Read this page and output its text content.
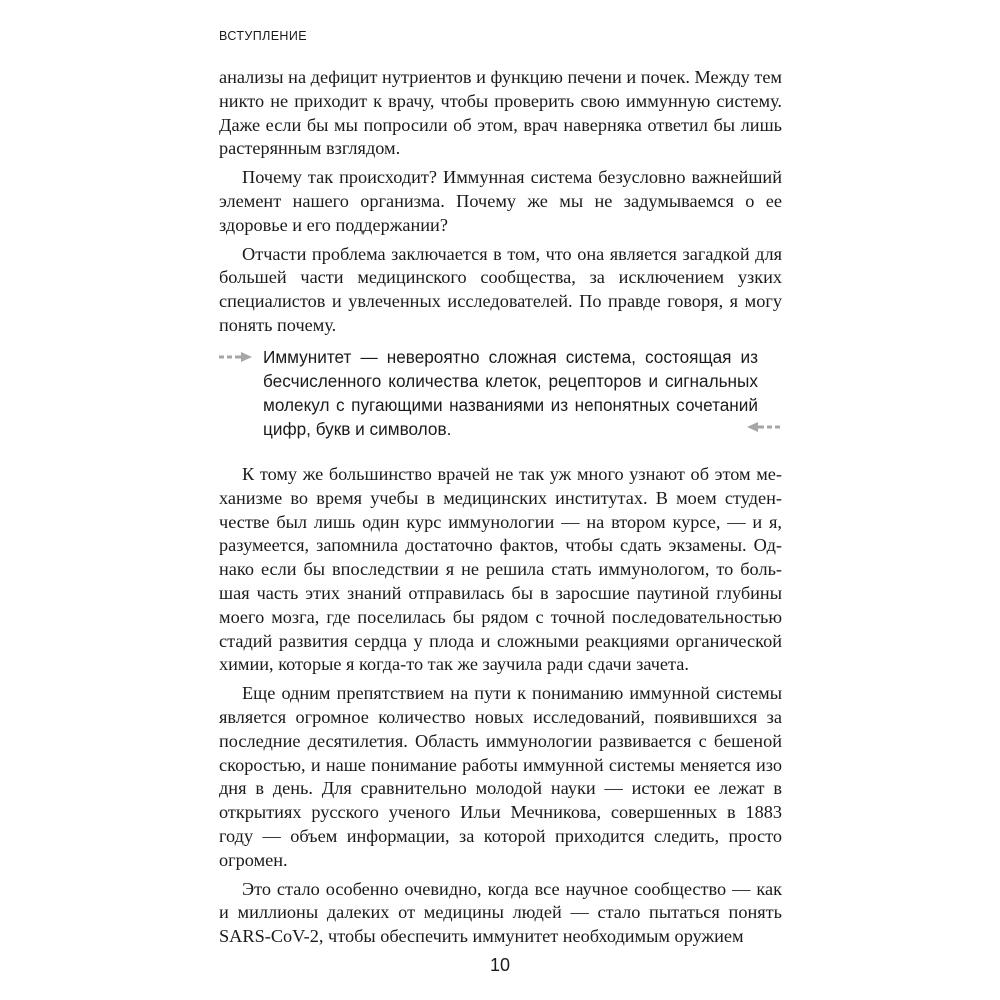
ВСТУПЛЕНИЕ

анализы на дефицит нутриентов и функцию печени и почек. Между тем никто не приходит к врачу, чтобы проверить свою иммунную систему. Даже если бы мы попросили об этом, врач наверняка ответил бы лишь растерянным взглядом.

Почему так происходит? Иммунная система безусловно важнейший элемент нашего организма. Почему же мы не задумываемся о ее здоровье и его поддержании?

Отчасти проблема заключается в том, что она является загадкой для большей части медицинского сообщества, за исключением узких специалистов и увлеченных исследователей. По правде говоря, я могу понять почему.

Иммунитет — невероятно сложная система, состоящая из бесчисленного количества клеток, рецепторов и сигнальных молекул с пугающими названиями из непонятных сочетаний цифр, букв и символов.

К тому же большинство врачей не так уж много узнают об этом механизме во время учебы в медицинских институтах. В моем студенчестве был лишь один курс иммунологии — на втором курсе, — и я, разумеется, запомнила достаточно фактов, чтобы сдать экзамены. Однако если бы впоследствии я не решила стать иммунологом, то большая часть этих знаний отправилась бы в заросшие паутиной глубины моего мозга, где поселилась бы рядом с точной последовательностью стадий развития сердца у плода и сложными реакциями органической химии, которые я когда-то так же заучила ради сдачи зачета.

Еще одним препятствием на пути к пониманию иммунной системы является огромное количество новых исследований, появившихся за последние десятилетия. Область иммунологии развивается с бешеной скоростью, и наше понимание работы иммунной системы меняется изо дня в день. Для сравнительно молодой науки — истоки ее лежат в открытиях русского ученого Ильи Мечникова, совершенных в 1883 году — объем информации, за которой приходится следить, просто огромен.

Это стало особенно очевидно, когда все научное сообщество — как и миллионы далеких от медицины людей — стало пытаться понять SARS-CoV-2, чтобы обеспечить иммунитет необходимым оружием

10
